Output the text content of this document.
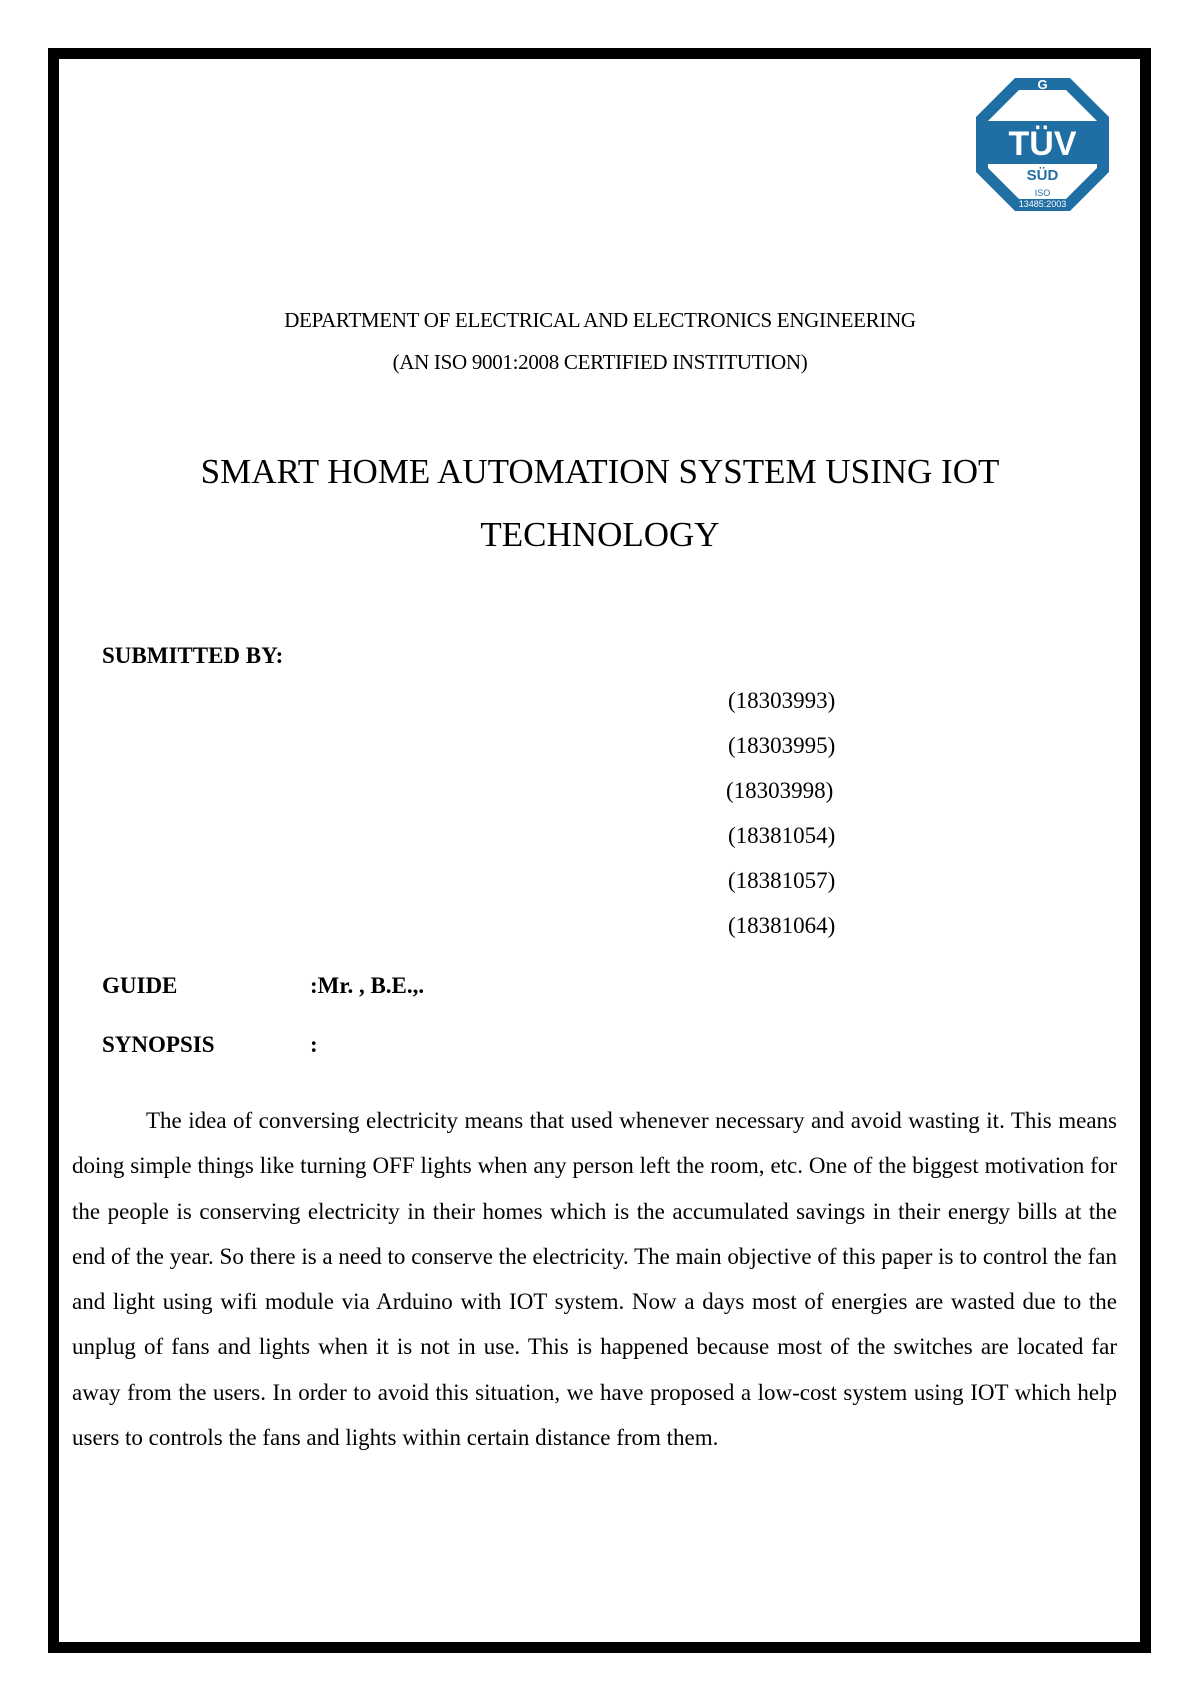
G
TÜV
SÜD
ISO
13485:2003
DEPARTMENT OF ELECTRICAL AND ELECTRONICS ENGINEERING
(AN ISO 9001:2008 CERTIFIED INSTITUTION)
SMART HOME AUTOMATION SYSTEM USING IOT
TECHNOLOGY
SUBMITTED BY:
(18303993)
(18303995)
(18303998)
(18381054)
(18381057)
(18381064)
GUIDE	:Mr. , B.E.,.
SYNOPSIS	:

The idea of conversing electricity means that used whenever necessary and avoid wasting it. This means doing simple things like turning OFF lights when any person left the room, etc. One of the biggest motivation for the people is conserving electricity in their homes which is the accumulated savings in their energy bills at the end of the year. So there is a need to conserve the electricity. The main objective of this paper is to control the fan and light using wifi module via Arduino with IOT system. Now a days most of energies are wasted due to the unplug of fans and lights when it is not in use. This is happened because most of the switches are located far away from the users. In order to avoid this situation, we have proposed a low-cost system using IOT which help users to controls the fans and lights within certain distance from them.
